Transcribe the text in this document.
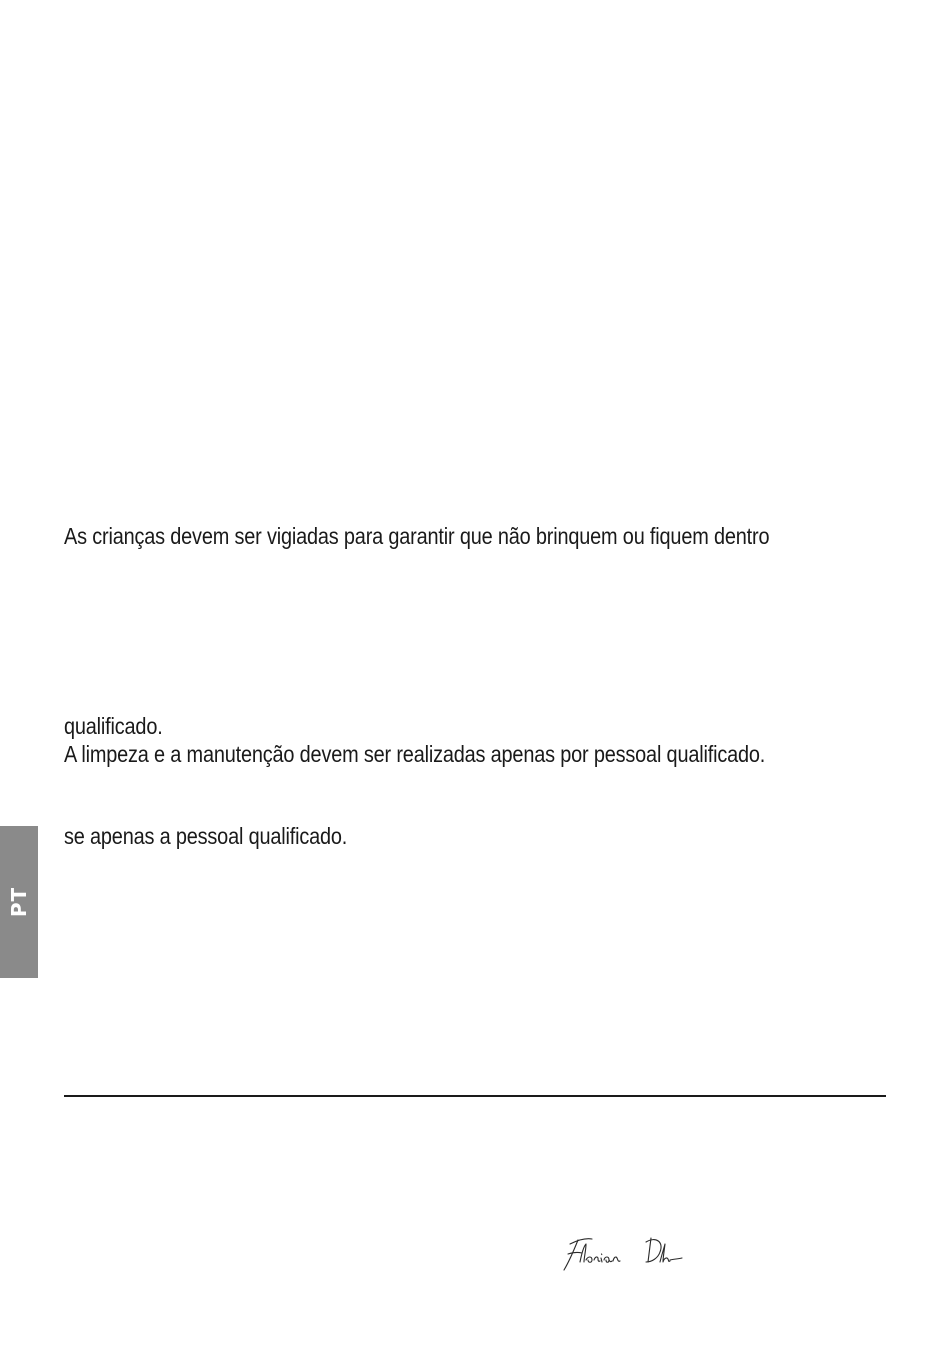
As crianças devem ser vigiadas para garantir que não brinquem ou fiquem dentro

qualificado.

A limpeza e a manutenção devem ser realizadas apenas por pessoal qualificado.

se apenas a pessoal qualificado.

PT
